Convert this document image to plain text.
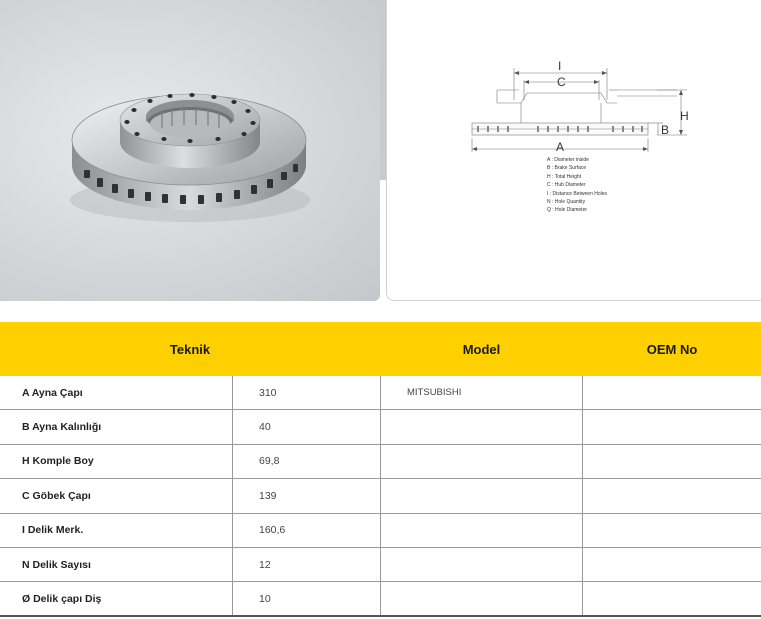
I
C
H
B
A
A : Diameter inside
B : Brake Surface
H : Total Height
C : Hub Diameter
I : Distance Between Holes
N : Hole Quantity
Q : Hole Diameter
Teknik	Model	OEM No
A Ayna Çapı	310	MITSUBISHI
B Ayna Kalınlığı	40
H Komple Boy	69,8
C Göbek Çapı	139
I Delik Merk.	160,6
N Delik Sayısı	12
Ø Delik çapı Diş	10
